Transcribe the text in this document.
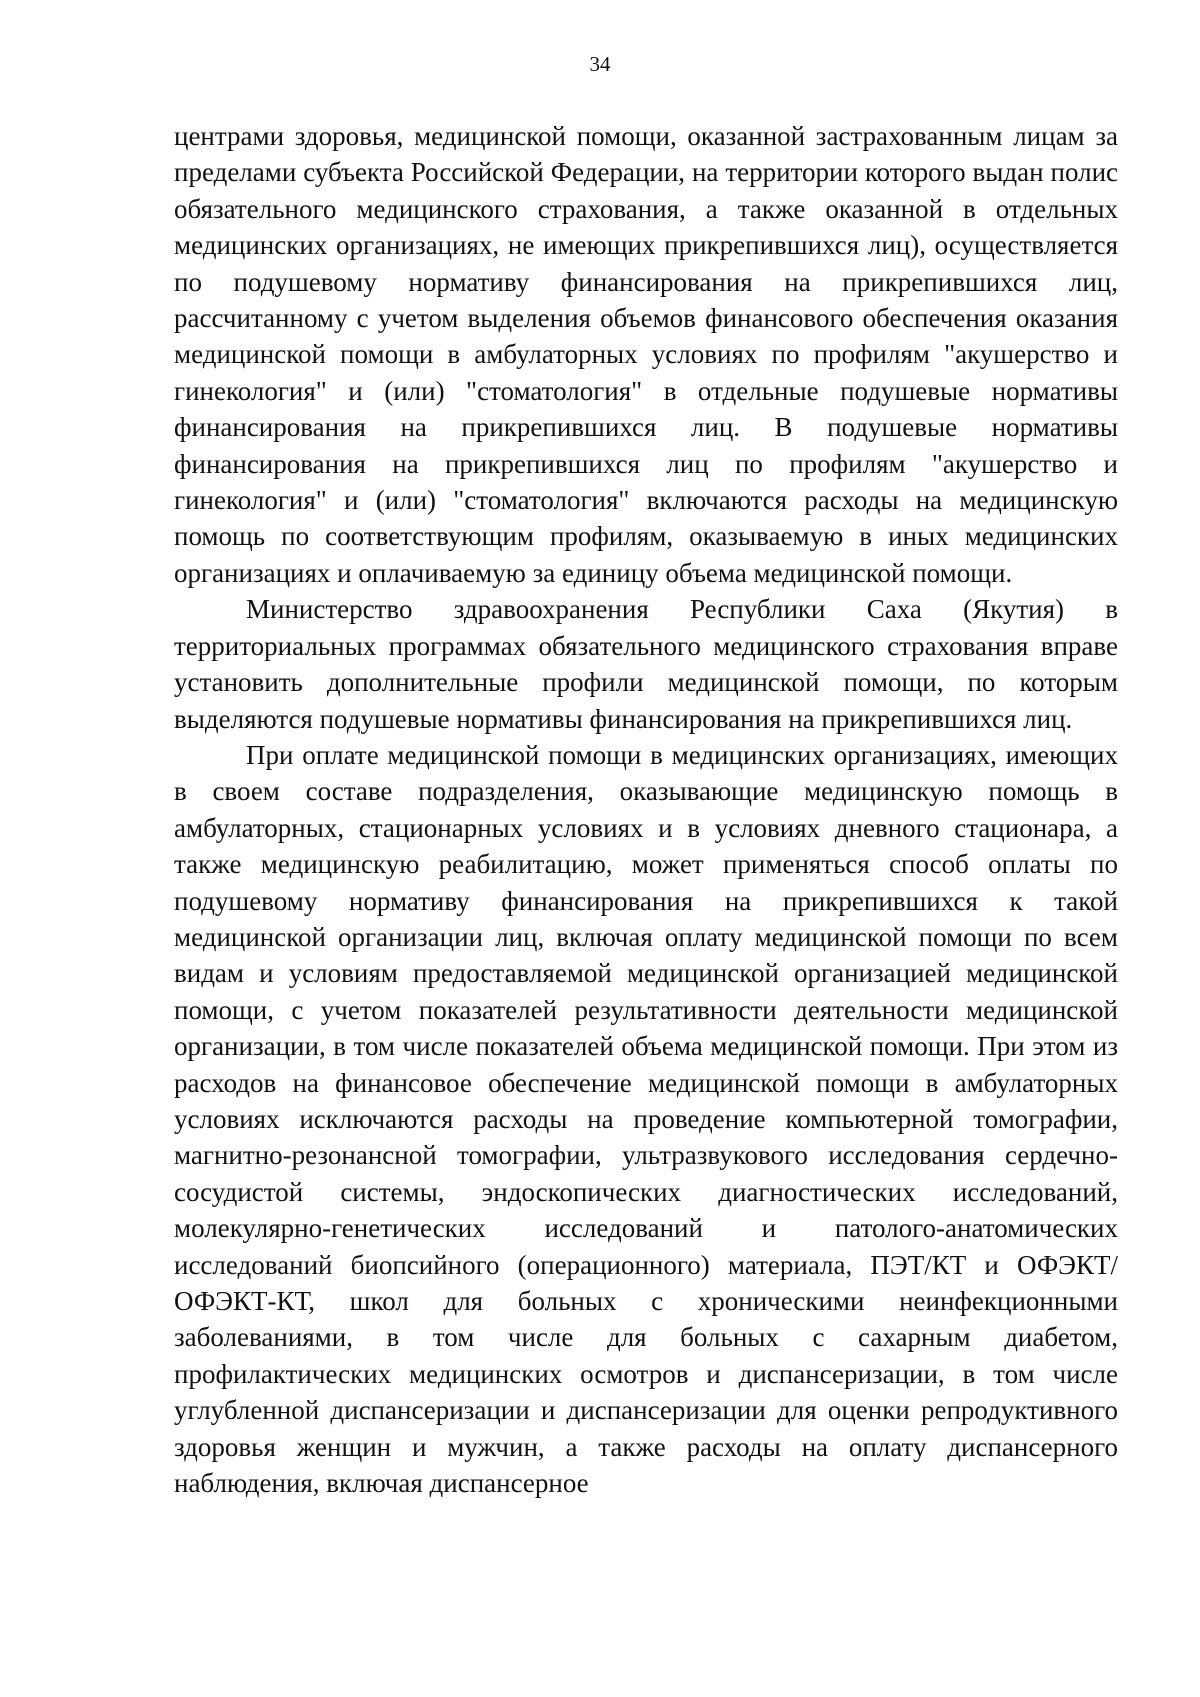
34

центрами здоровья, медицинской помощи, оказанной застрахованным лицам за пределами субъекта Российской Федерации, на территории которого выдан полис обязательного медицинского страхования, а также оказанной в отдельных медицинских организациях, не имеющих прикрепившихся лиц), осуществляется по подушевому нормативу финансирования на прикрепившихся лиц, рассчитанному с учетом выделения объемов финансового обеспечения оказания медицинской помощи в амбулаторных условиях по профилям "акушерство и гинекология" и (или) "стоматология" в отдельные подушевые нормативы финансирования на прикрепившихся лиц. В подушевые нормативы финансирования на прикрепившихся лиц по профилям "акушерство и гинекология" и (или) "стоматология" включаются расходы на медицинскую помощь по соответствующим профилям, оказываемую в иных медицинских организациях и оплачиваемую за единицу объема медицинской помощи.

Министерство здравоохранения Республики Саха (Якутия) в территориальных программах обязательного медицинского страхования вправе установить дополнительные профили медицинской помощи, по которым выделяются подушевые нормативы финансирования на прикрепившихся лиц.

При оплате медицинской помощи в медицинских организациях, имеющих в своем составе подразделения, оказывающие медицинскую помощь в амбулаторных, стационарных условиях и в условиях дневного стационара, а также медицинскую реабилитацию, может применяться способ оплаты по подушевому нормативу финансирования на прикрепившихся к такой медицинской организации лиц, включая оплату медицинской помощи по всем видам и условиям предоставляемой медицинской организацией медицинской помощи, с учетом показателей результативности деятельности медицинской организации, в том числе показателей объема медицинской помощи. При этом из расходов на финансовое обеспечение медицинской помощи в амбулаторных условиях исключаются расходы на проведение компьютерной томографии, магнитно-резонансной томографии, ультразвукового исследования сердечно-сосудистой системы, эндоскопических диагностических исследований, молекулярно-генетических исследований и патолого-анатомических исследований биопсийного (операционного) материала, ПЭТ/КТ и ОФЭКТ/ОФЭКТ-КТ, школ для больных с хроническими неинфекционными заболеваниями, в том числе для больных с сахарным диабетом, профилактических медицинских осмотров и диспансеризации, в том числе углубленной диспансеризации и диспансеризации для оценки репродуктивного здоровья женщин и мужчин, а также расходы на оплату диспансерного наблюдения, включая диспансерное
